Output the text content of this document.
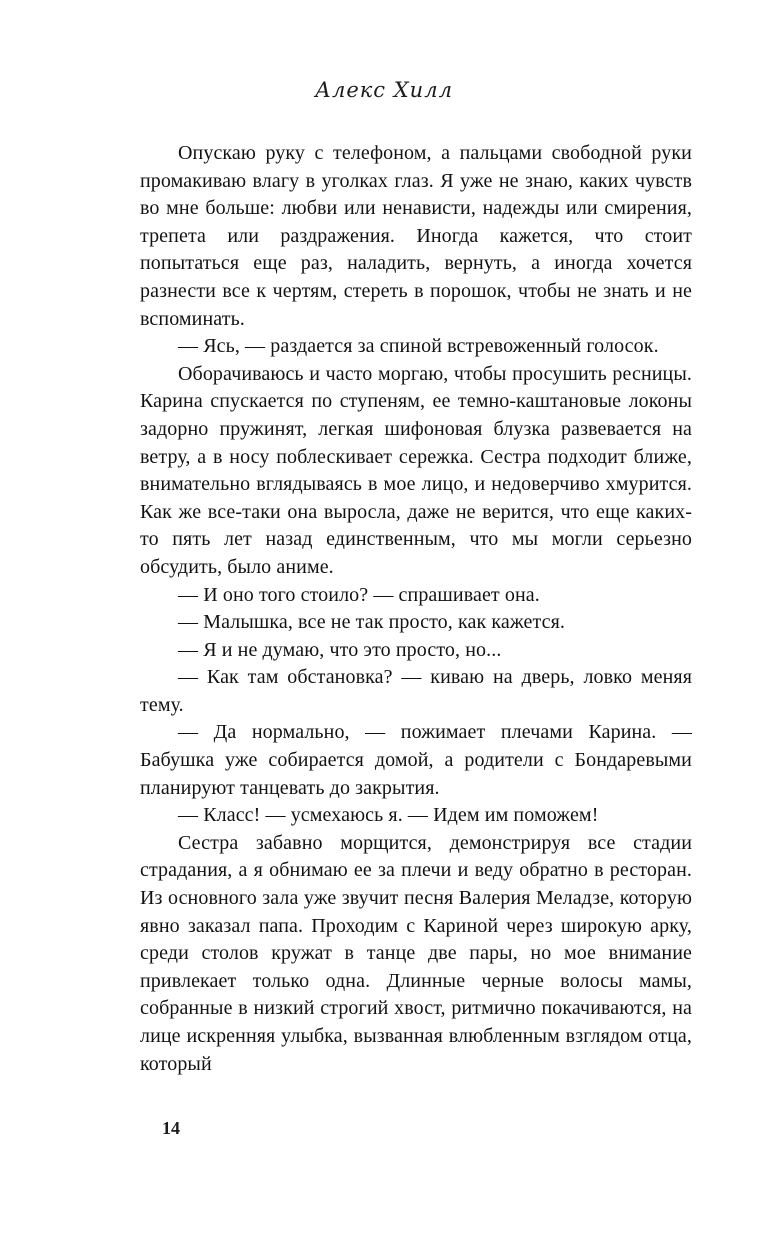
Алекс Хилл

Опускаю руку с телефоном, а пальцами свободной руки промакиваю влагу в уголках глаз. Я уже не знаю, каких чувств во мне больше: любви или ненависти, надежды или смирения, трепета или раздражения. Иногда кажется, что стоит попытаться еще раз, наладить, вернуть, а иногда хочется разнести все к чертям, стереть в порошок, чтобы не знать и не вспоминать.

— Ясь, — раздается за спиной встревоженный голосок.

Оборачиваюсь и часто моргаю, чтобы просушить ресницы. Карина спускается по ступеням, ее темно-каштановые локоны задорно пружинят, легкая шифоновая блузка развевается на ветру, а в носу поблескивает сережка. Сестра подходит ближе, внимательно вглядываясь в мое лицо, и недоверчиво хмурится. Как же все-таки она выросла, даже не верится, что еще каких-то пять лет назад единственным, что мы могли серьезно обсудить, было аниме.

— И оно того стоило? — спрашивает она.

— Малышка, все не так просто, как кажется.

— Я и не думаю, что это просто, но...

— Как там обстановка? — киваю на дверь, ловко меняя тему.

— Да нормально, — пожимает плечами Карина. — Бабушка уже собирается домой, а родители с Бондаревыми планируют танцевать до закрытия.

— Класс! — усмехаюсь я. — Идем им поможем!

Сестра забавно морщится, демонстрируя все стадии страдания, а я обнимаю ее за плечи и веду обратно в ресторан. Из основного зала уже звучит песня Валерия Меладзе, которую явно заказал папа. Проходим с Кариной через широкую арку, среди столов кружат в танце две пары, но мое внимание привлекает только одна. Длинные черные волосы мамы, собранные в низкий строгий хвост, ритмично покачиваются, на лице искренняя улыбка, вызванная влюбленным взглядом отца, который

14
